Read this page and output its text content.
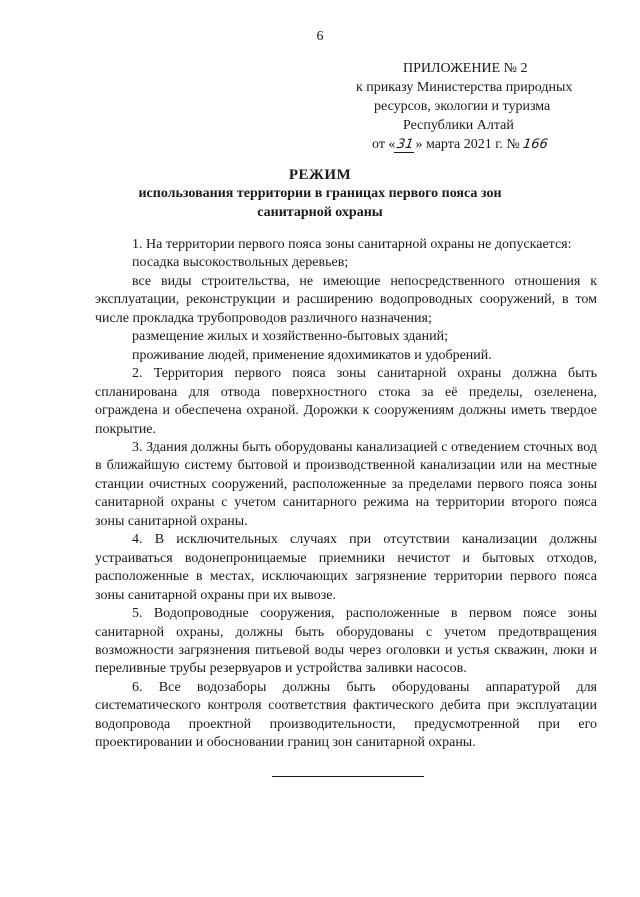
6
ПРИЛОЖЕНИЕ № 2
к приказу Министерства природных
ресурсов, экологии и туризма
Республики Алтай
от «31» марта 2021 г. № 166
РЕЖИМ
использования территории в границах первого пояса зон санитарной охраны

1. На территории первого пояса зоны санитарной охраны не допускается:

посадка высокоствольных деревьев;

все виды строительства, не имеющие непосредственного отношения к эксплуатации, реконструкции и расширению водопроводных сооружений, в том числе прокладка трубопроводов различного назначения;

размещение жилых и хозяйственно-бытовых зданий;

проживание людей, применение ядохимикатов и удобрений.

2. Территория первого пояса зоны санитарной охраны должна быть спланирована для отвода поверхностного стока за её пределы, озеленена, ограждена и обеспечена охраной. Дорожки к сооружениям должны иметь твердое покрытие.

3. Здания должны быть оборудованы канализацией с отведением сточных вод в ближайшую систему бытовой и производственной канализации или на местные станции очистных сооружений, расположенные за пределами первого пояса зоны санитарной охраны с учетом санитарного режима на территории второго пояса зоны санитарной охраны.

4. В исключительных случаях при отсутствии канализации должны устраиваться водонепроницаемые приемники нечистот и бытовых отходов, расположенные в местах, исключающих загрязнение территории первого пояса зоны санитарной охраны при их вывозе.

5. Водопроводные сооружения, расположенные в первом поясе зоны санитарной охраны, должны быть оборудованы с учетом предотвращения возможности загрязнения питьевой воды через оголовки и устья скважин, люки и переливные трубы резервуаров и устройства заливки насосов.

6. Все водозаборы должны быть оборудованы аппаратурой для систематического контроля соответствия фактического дебита при эксплуатации водопровода проектной производительности, предусмотренной при его проектировании и обосновании границ зон санитарной охраны.
